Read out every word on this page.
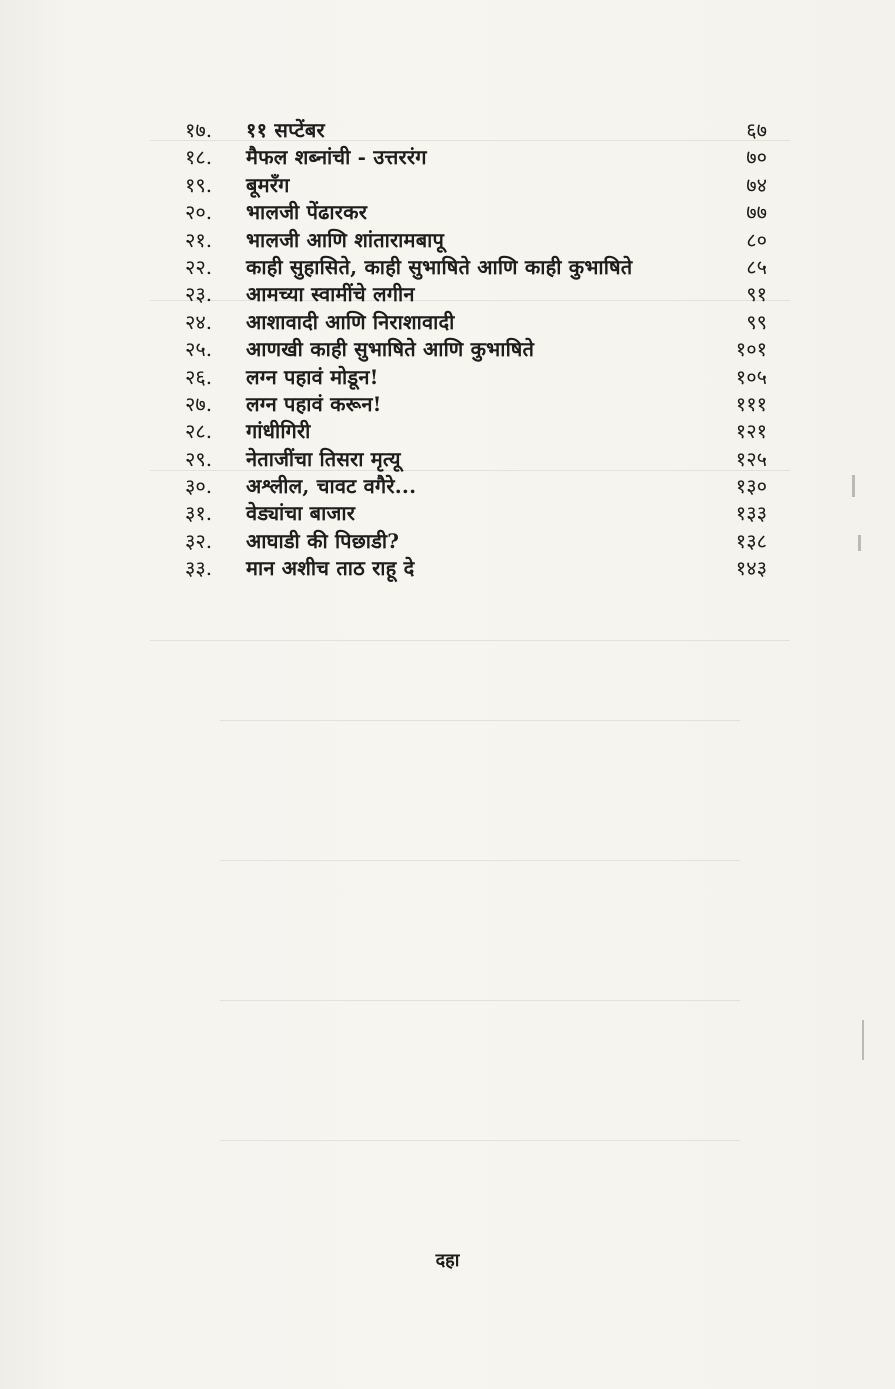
१७.	११ सप्टेंबर	६७
१८.	मैफल शब्नांची - उत्तररंग	७०
१९.	बूमरँग	७४
२०.	भालजी पेंढारकर	७७
२१.	भालजी आणि शांतारामबापू	८०
२२.	काही सुहासिते, काही सुभाषिते आणि काही कुभाषिते	८५
२३.	आमच्या स्वामींचे लगीन	९१
२४.	आशावादी आणि निराशावादी	९९
२५.	आणखी काही सुभाषिते आणि कुभाषिते	१०१
२६.	लग्न पहावं मोडून!	१०५
२७.	लग्न पहावं करून!	१११
२८.	गांधीगिरी	१२१
२९.	नेताजींचा तिसरा मृत्यू	१२५
३०.	अश्लील, चावट वगैरे...	१३०
३१.	वेड्यांचा बाजार	१३३
३२.	आघाडी की पिछाडी?	१३८
३३.	मान अशीच ताठ राहू दे	१४३
दहा
